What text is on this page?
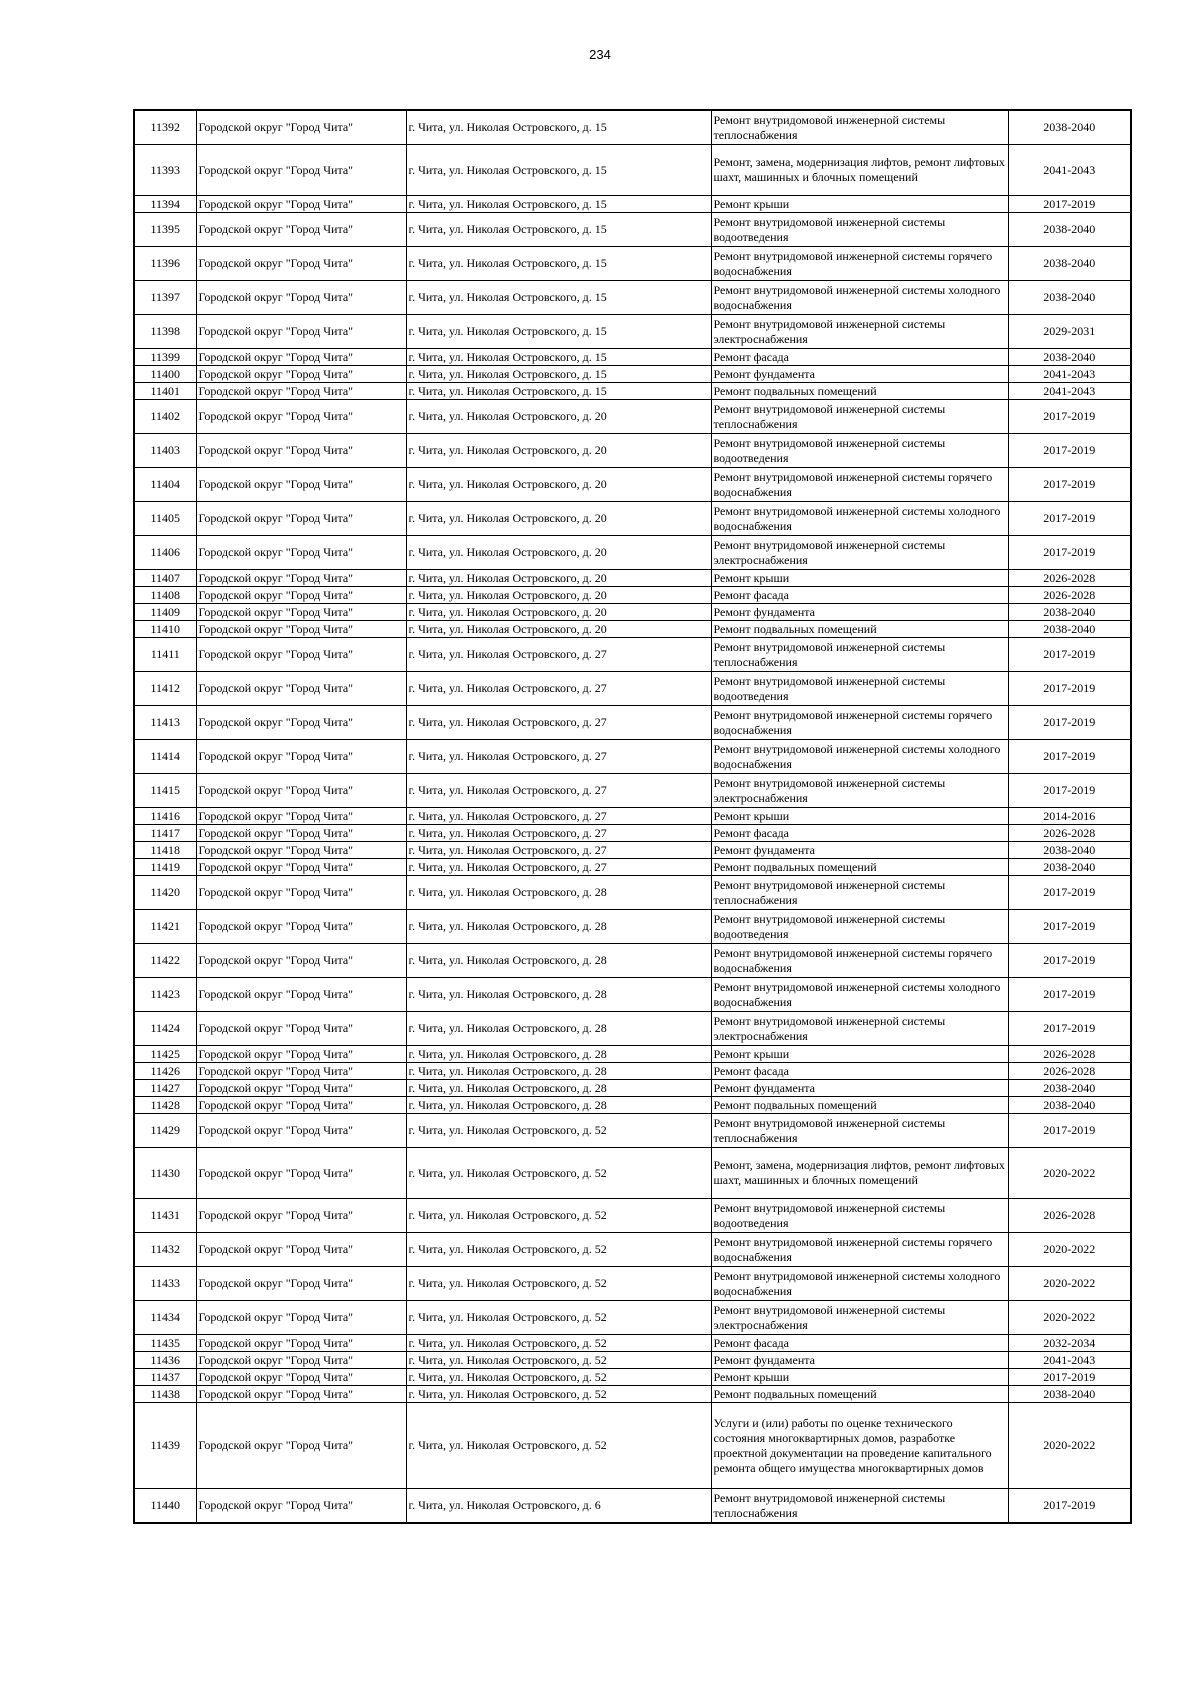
234
11392	Городской округ "Город Чита"	г. Чита, ул. Николая Островского, д. 15	Ремонт внутридомовой инженерной системы теплоснабжения	2038-2040
11393	Городской округ "Город Чита"	г. Чита, ул. Николая Островского, д. 15	Ремонт, замена, модернизация лифтов, ремонт лифтовых шахт, машинных и блочных помещений	2041-2043
11394	Городской округ "Город Чита"	г. Чита, ул. Николая Островского, д. 15	Ремонт крыши	2017-2019
11395	Городской округ "Город Чита"	г. Чита, ул. Николая Островского, д. 15	Ремонт внутридомовой инженерной системы водоотведения	2038-2040
11396	Городской округ "Город Чита"	г. Чита, ул. Николая Островского, д. 15	Ремонт внутридомовой инженерной системы горячего водоснабжения	2038-2040
11397	Городской округ "Город Чита"	г. Чита, ул. Николая Островского, д. 15	Ремонт внутридомовой инженерной системы холодного водоснабжения	2038-2040
11398	Городской округ "Город Чита"	г. Чита, ул. Николая Островского, д. 15	Ремонт внутридомовой инженерной системы электроснабжения	2029-2031
11399	Городской округ "Город Чита"	г. Чита, ул. Николая Островского, д. 15	Ремонт фасада	2038-2040
11400	Городской округ "Город Чита"	г. Чита, ул. Николая Островского, д. 15	Ремонт фундамента	2041-2043
11401	Городской округ "Город Чита"	г. Чита, ул. Николая Островского, д. 15	Ремонт подвальных помещений	2041-2043
11402	Городской округ "Город Чита"	г. Чита, ул. Николая Островского, д. 20	Ремонт внутридомовой инженерной системы теплоснабжения	2017-2019
11403	Городской округ "Город Чита"	г. Чита, ул. Николая Островского, д. 20	Ремонт внутридомовой инженерной системы водоотведения	2017-2019
11404	Городской округ "Город Чита"	г. Чита, ул. Николая Островского, д. 20	Ремонт внутридомовой инженерной системы горячего водоснабжения	2017-2019
11405	Городской округ "Город Чита"	г. Чита, ул. Николая Островского, д. 20	Ремонт внутридомовой инженерной системы холодного водоснабжения	2017-2019
11406	Городской округ "Город Чита"	г. Чита, ул. Николая Островского, д. 20	Ремонт внутридомовой инженерной системы электроснабжения	2017-2019
11407	Городской округ "Город Чита"	г. Чита, ул. Николая Островского, д. 20	Ремонт крыши	2026-2028
11408	Городской округ "Город Чита"	г. Чита, ул. Николая Островского, д. 20	Ремонт фасада	2026-2028
11409	Городской округ "Город Чита"	г. Чита, ул. Николая Островского, д. 20	Ремонт фундамента	2038-2040
11410	Городской округ "Город Чита"	г. Чита, ул. Николая Островского, д. 20	Ремонт подвальных помещений	2038-2040
11411	Городской округ "Город Чита"	г. Чита, ул. Николая Островского, д. 27	Ремонт внутридомовой инженерной системы теплоснабжения	2017-2019
11412	Городской округ "Город Чита"	г. Чита, ул. Николая Островского, д. 27	Ремонт внутридомовой инженерной системы водоотведения	2017-2019
11413	Городской округ "Город Чита"	г. Чита, ул. Николая Островского, д. 27	Ремонт внутридомовой инженерной системы горячего водоснабжения	2017-2019
11414	Городской округ "Город Чита"	г. Чита, ул. Николая Островского, д. 27	Ремонт внутридомовой инженерной системы холодного водоснабжения	2017-2019
11415	Городской округ "Город Чита"	г. Чита, ул. Николая Островского, д. 27	Ремонт внутридомовой инженерной системы электроснабжения	2017-2019
11416	Городской округ "Город Чита"	г. Чита, ул. Николая Островского, д. 27	Ремонт крыши	2014-2016
11417	Городской округ "Город Чита"	г. Чита, ул. Николая Островского, д. 27	Ремонт фасада	2026-2028
11418	Городской округ "Город Чита"	г. Чита, ул. Николая Островского, д. 27	Ремонт фундамента	2038-2040
11419	Городской округ "Город Чита"	г. Чита, ул. Николая Островского, д. 27	Ремонт подвальных помещений	2038-2040
11420	Городской округ "Город Чита"	г. Чита, ул. Николая Островского, д. 28	Ремонт внутридомовой инженерной системы теплоснабжения	2017-2019
11421	Городской округ "Город Чита"	г. Чита, ул. Николая Островского, д. 28	Ремонт внутридомовой инженерной системы водоотведения	2017-2019
11422	Городской округ "Город Чита"	г. Чита, ул. Николая Островского, д. 28	Ремонт внутридомовой инженерной системы горячего водоснабжения	2017-2019
11423	Городской округ "Город Чита"	г. Чита, ул. Николая Островского, д. 28	Ремонт внутридомовой инженерной системы холодного водоснабжения	2017-2019
11424	Городской округ "Город Чита"	г. Чита, ул. Николая Островского, д. 28	Ремонт внутридомовой инженерной системы электроснабжения	2017-2019
11425	Городской округ "Город Чита"	г. Чита, ул. Николая Островского, д. 28	Ремонт крыши	2026-2028
11426	Городской округ "Город Чита"	г. Чита, ул. Николая Островского, д. 28	Ремонт фасада	2026-2028
11427	Городской округ "Город Чита"	г. Чита, ул. Николая Островского, д. 28	Ремонт фундамента	2038-2040
11428	Городской округ "Город Чита"	г. Чита, ул. Николая Островского, д. 28	Ремонт подвальных помещений	2038-2040
11429	Городской округ "Город Чита"	г. Чита, ул. Николая Островского, д. 52	Ремонт внутридомовой инженерной системы теплоснабжения	2017-2019
11430	Городской округ "Город Чита"	г. Чита, ул. Николая Островского, д. 52	Ремонт, замена, модернизация лифтов, ремонт лифтовых шахт, машинных и блочных помещений	2020-2022
11431	Городской округ "Город Чита"	г. Чита, ул. Николая Островского, д. 52	Ремонт внутридомовой инженерной системы водоотведения	2026-2028
11432	Городской округ "Город Чита"	г. Чита, ул. Николая Островского, д. 52	Ремонт внутридомовой инженерной системы горячего водоснабжения	2020-2022
11433	Городской округ "Город Чита"	г. Чита, ул. Николая Островского, д. 52	Ремонт внутридомовой инженерной системы холодного водоснабжения	2020-2022
11434	Городской округ "Город Чита"	г. Чита, ул. Николая Островского, д. 52	Ремонт внутридомовой инженерной системы электроснабжения	2020-2022
11435	Городской округ "Город Чита"	г. Чита, ул. Николая Островского, д. 52	Ремонт фасада	2032-2034
11436	Городской округ "Город Чита"	г. Чита, ул. Николая Островского, д. 52	Ремонт фундамента	2041-2043
11437	Городской округ "Город Чита"	г. Чита, ул. Николая Островского, д. 52	Ремонт крыши	2017-2019
11438	Городской округ "Город Чита"	г. Чита, ул. Николая Островского, д. 52	Ремонт подвальных помещений	2038-2040
11439	Городской округ "Город Чита"	г. Чита, ул. Николая Островского, д. 52	Услуги и (или) работы по оценке технического состояния многоквартирных домов, разработке проектной документации на проведение капитального ремонта общего имущества многоквартирных домов	2020-2022
11440	Городской округ "Город Чита"	г. Чита, ул. Николая Островского, д. 6	Ремонт внутридомовой инженерной системы теплоснабжения	2017-2019
